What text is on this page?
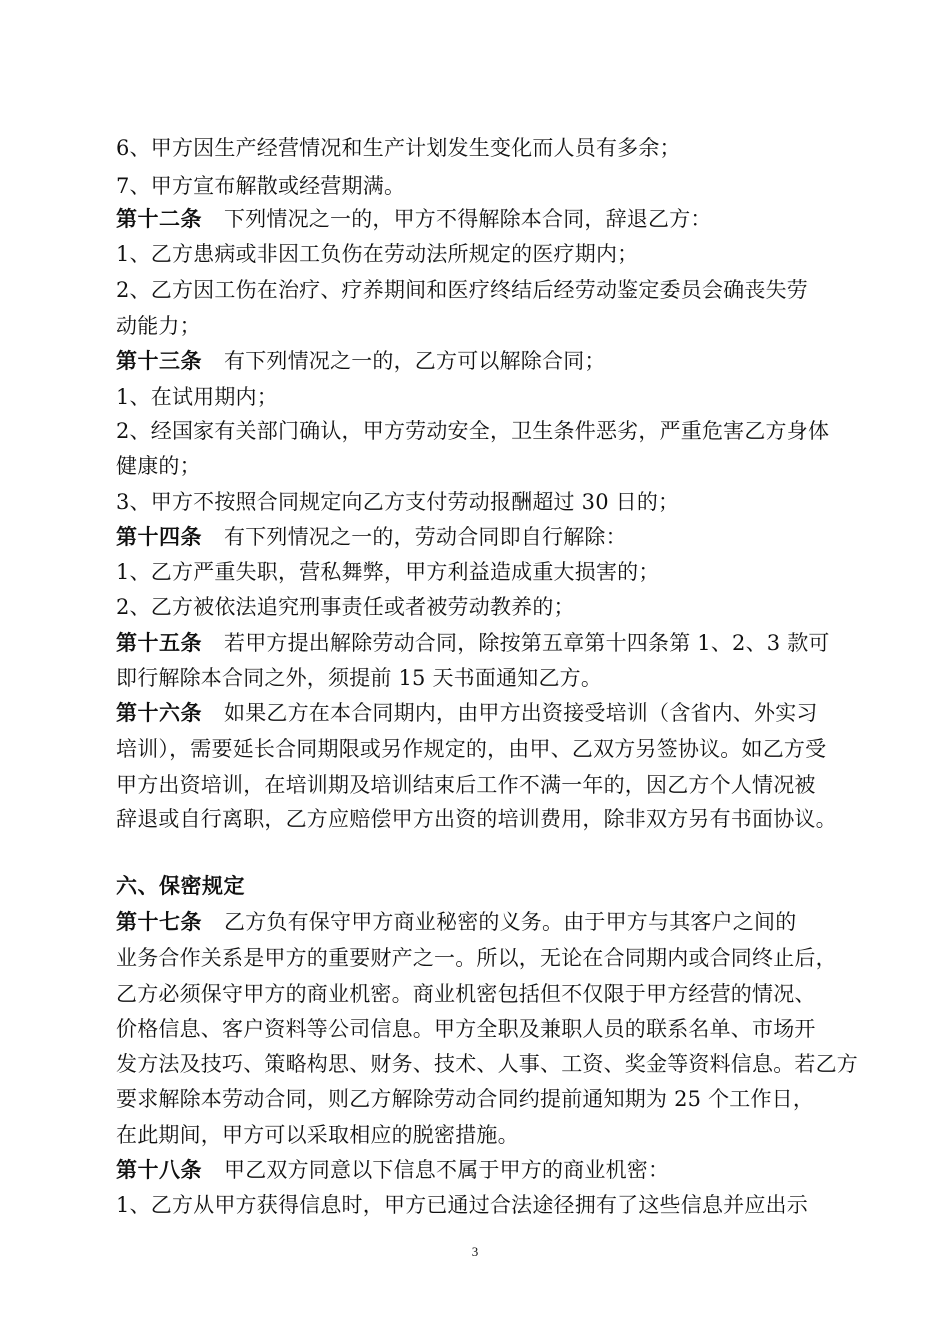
6、甲方因生产经营情况和生产计划发生变化而人员有多余；
7、甲方宣布解散或经营期满。
第十二条 下列情况之一的，甲方不得解除本合同，辞退乙方：
1、乙方患病或非因工负伤在劳动法所规定的医疗期内；
2、乙方因工伤在治疗、疗养期间和医疗终结后经劳动鉴定委员会确丧失劳
动能力；
第十三条 有下列情况之一的，乙方可以解除合同；
1、在试用期内；
2、经国家有关部门确认，甲方劳动安全，卫生条件恶劣，严重危害乙方身体
健康的；
3、甲方不按照合同规定向乙方支付劳动报酬超过 30 日的；
第十四条 有下列情况之一的，劳动合同即自行解除：
1、乙方严重失职，营私舞弊，甲方利益造成重大损害的；
2、乙方被依法追究刑事责任或者被劳动教养的；
第十五条 若甲方提出解除劳动合同，除按第五章第十四条第 1、2、3 款可
即行解除本合同之外，须提前 15 天书面通知乙方。
第十六条 如果乙方在本合同期内，由甲方出资接受培训（含省内、外实习
培训），需要延长合同期限或另作规定的，由甲、乙双方另签协议。如乙方受
甲方出资培训，在培训期及培训结束后工作不满一年的，因乙方个人情况被
辞退或自行离职，乙方应赔偿甲方出资的培训费用，除非双方另有书面协议。
六、保密规定
第十七条 乙方负有保守甲方商业秘密的义务。由于甲方与其客户之间的
业务合作关系是甲方的重要财产之一。所以，无论在合同期内或合同终止后，
乙方必须保守甲方的商业机密。商业机密包括但不仅限于甲方经营的情况、
价格信息、客户资料等公司信息。甲方全职及兼职人员的联系名单、市场开
发方法及技巧、策略构思、财务、技术、人事、工资、奖金等资料信息。若乙方
要求解除本劳动合同，则乙方解除劳动合同约提前通知期为 25 个工作日，
在此期间，甲方可以采取相应的脱密措施。
第十八条 甲乙双方同意以下信息不属于甲方的商业机密：
1、乙方从甲方获得信息时，甲方已通过合法途径拥有了这些信息并应出示
3
